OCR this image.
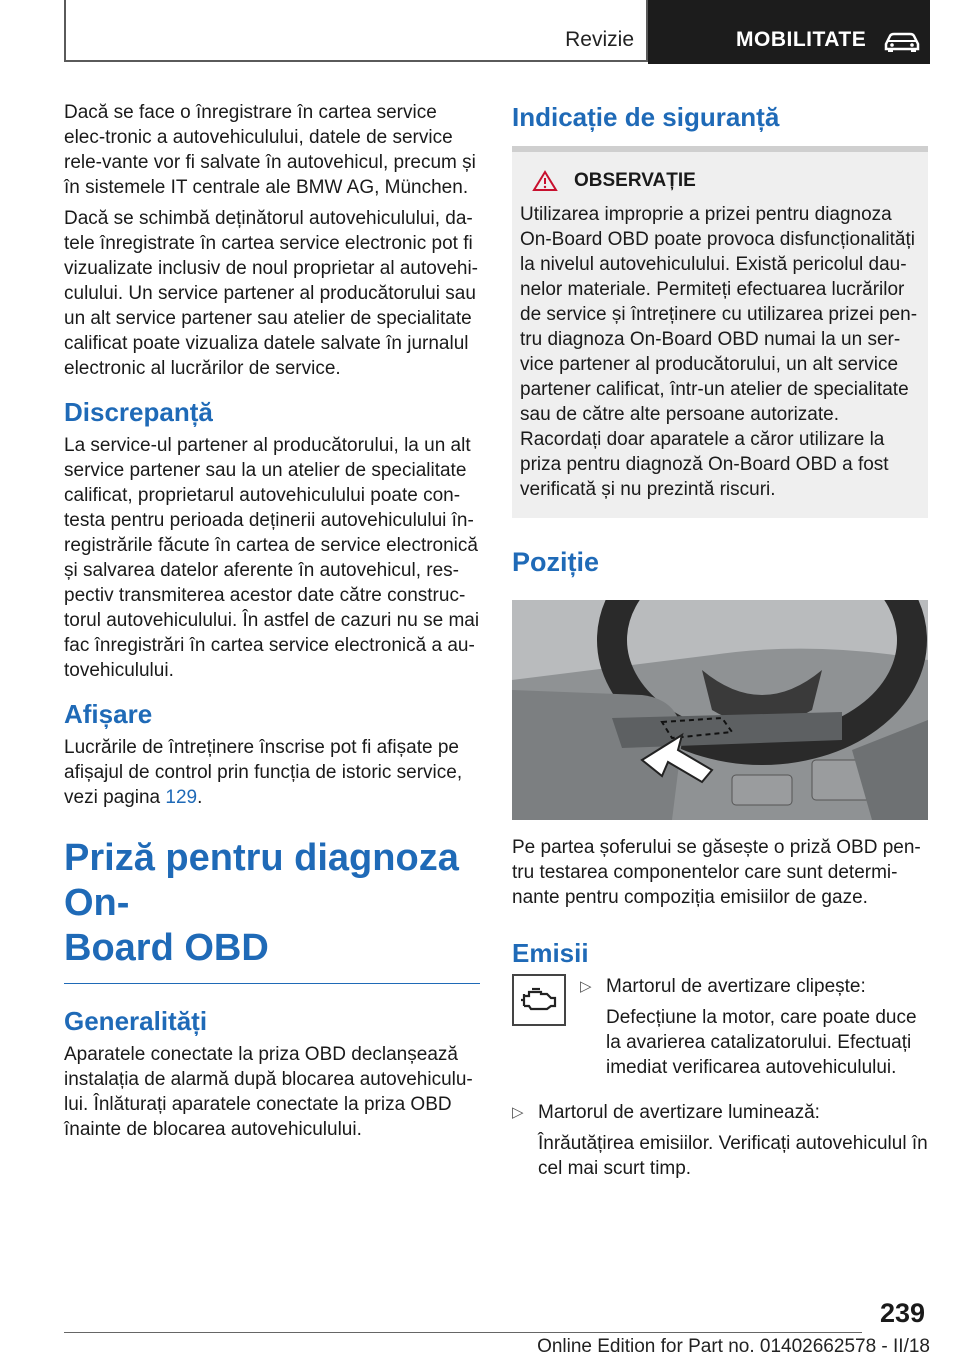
Revizie	MOBILITATE

Dacă se face o înregistrare în cartea service elec-tronic a autovehiculului, datele de service rele-vante vor fi salvate în autovehicul, precum și în sistemele IT centrale ale BMW AG, München.

Dacă se schimbă deținătorul autovehiculului, da-tele înregistrate în cartea service electronic pot fi vizualizate inclusiv de noul proprietar al autovehi-culului. Un service partener al producătorului sau un alt service partener sau atelier de specialitate calificat poate vizualiza datele salvate în jurnalul electronic al lucrărilor de service.

Discrepanță

La service-ul partener al producătorului, la un alt service partener sau la un atelier de specialitate calificat, proprietarul autovehiculului poate con-testa pentru perioada deținerii autovehiculului în-registrările făcute în cartea de service electronică și salvarea datelor aferente în autovehicul, res-pectiv transmiterea acestor date către construc-torul autovehiculului. În astfel de cazuri nu se mai fac înregistrări în cartea service electronică a au-tovehiculului.

Afișare

Lucrările de întreținere înscrise pot fi afișate pe afișajul de control prin funcția de istoric service, vezi pagina 129.

Priză pentru diagnoza On-
Board OBD
Generalități

Aparatele conectate la priza OBD declanșează instalația de alarmă după blocarea autovehiculu-lui. Înlăturați aparatele conectate la priza OBD înainte de blocarea autovehiculului.

Indicație de siguranță
OBSERVAȚIE

Utilizarea improprie a prizei pentru diagnoza On-Board OBD poate provoca disfuncționalități la nivelul autovehiculului. Există pericolul dau-nelor materiale. Permiteți efectuarea lucrărilor de service și întreținere cu utilizarea prizei pen-tru diagnoza On-Board OBD numai la un ser-vice partener al producătorului, un alt service partener calificat, într-un atelier de specialitate sau de către alte persoane autorizate. Racordați doar aparatele a căror utilizare la priza pentru diagnoză On-Board OBD a fost verificată și nu prezintă riscuri.

Poziție

Pe partea șoferului se găsește o priză OBD pen-tru testarea componentelor care sunt determi-nante pentru compoziția emisiilor de gaze.

Emisii
▷ Martorul de avertizare clipește:

Defecțiune la motor, care poate duce la avarierea catalizatorului. Efectuați imediat verificarea autovehiculului.

▷ Martorul de avertizare luminează:

Înrăutățirea emisiilor. Verificați autovehiculul în cel mai scurt timp.

239
Online Edition for Part no. 01402662578 - II/18
